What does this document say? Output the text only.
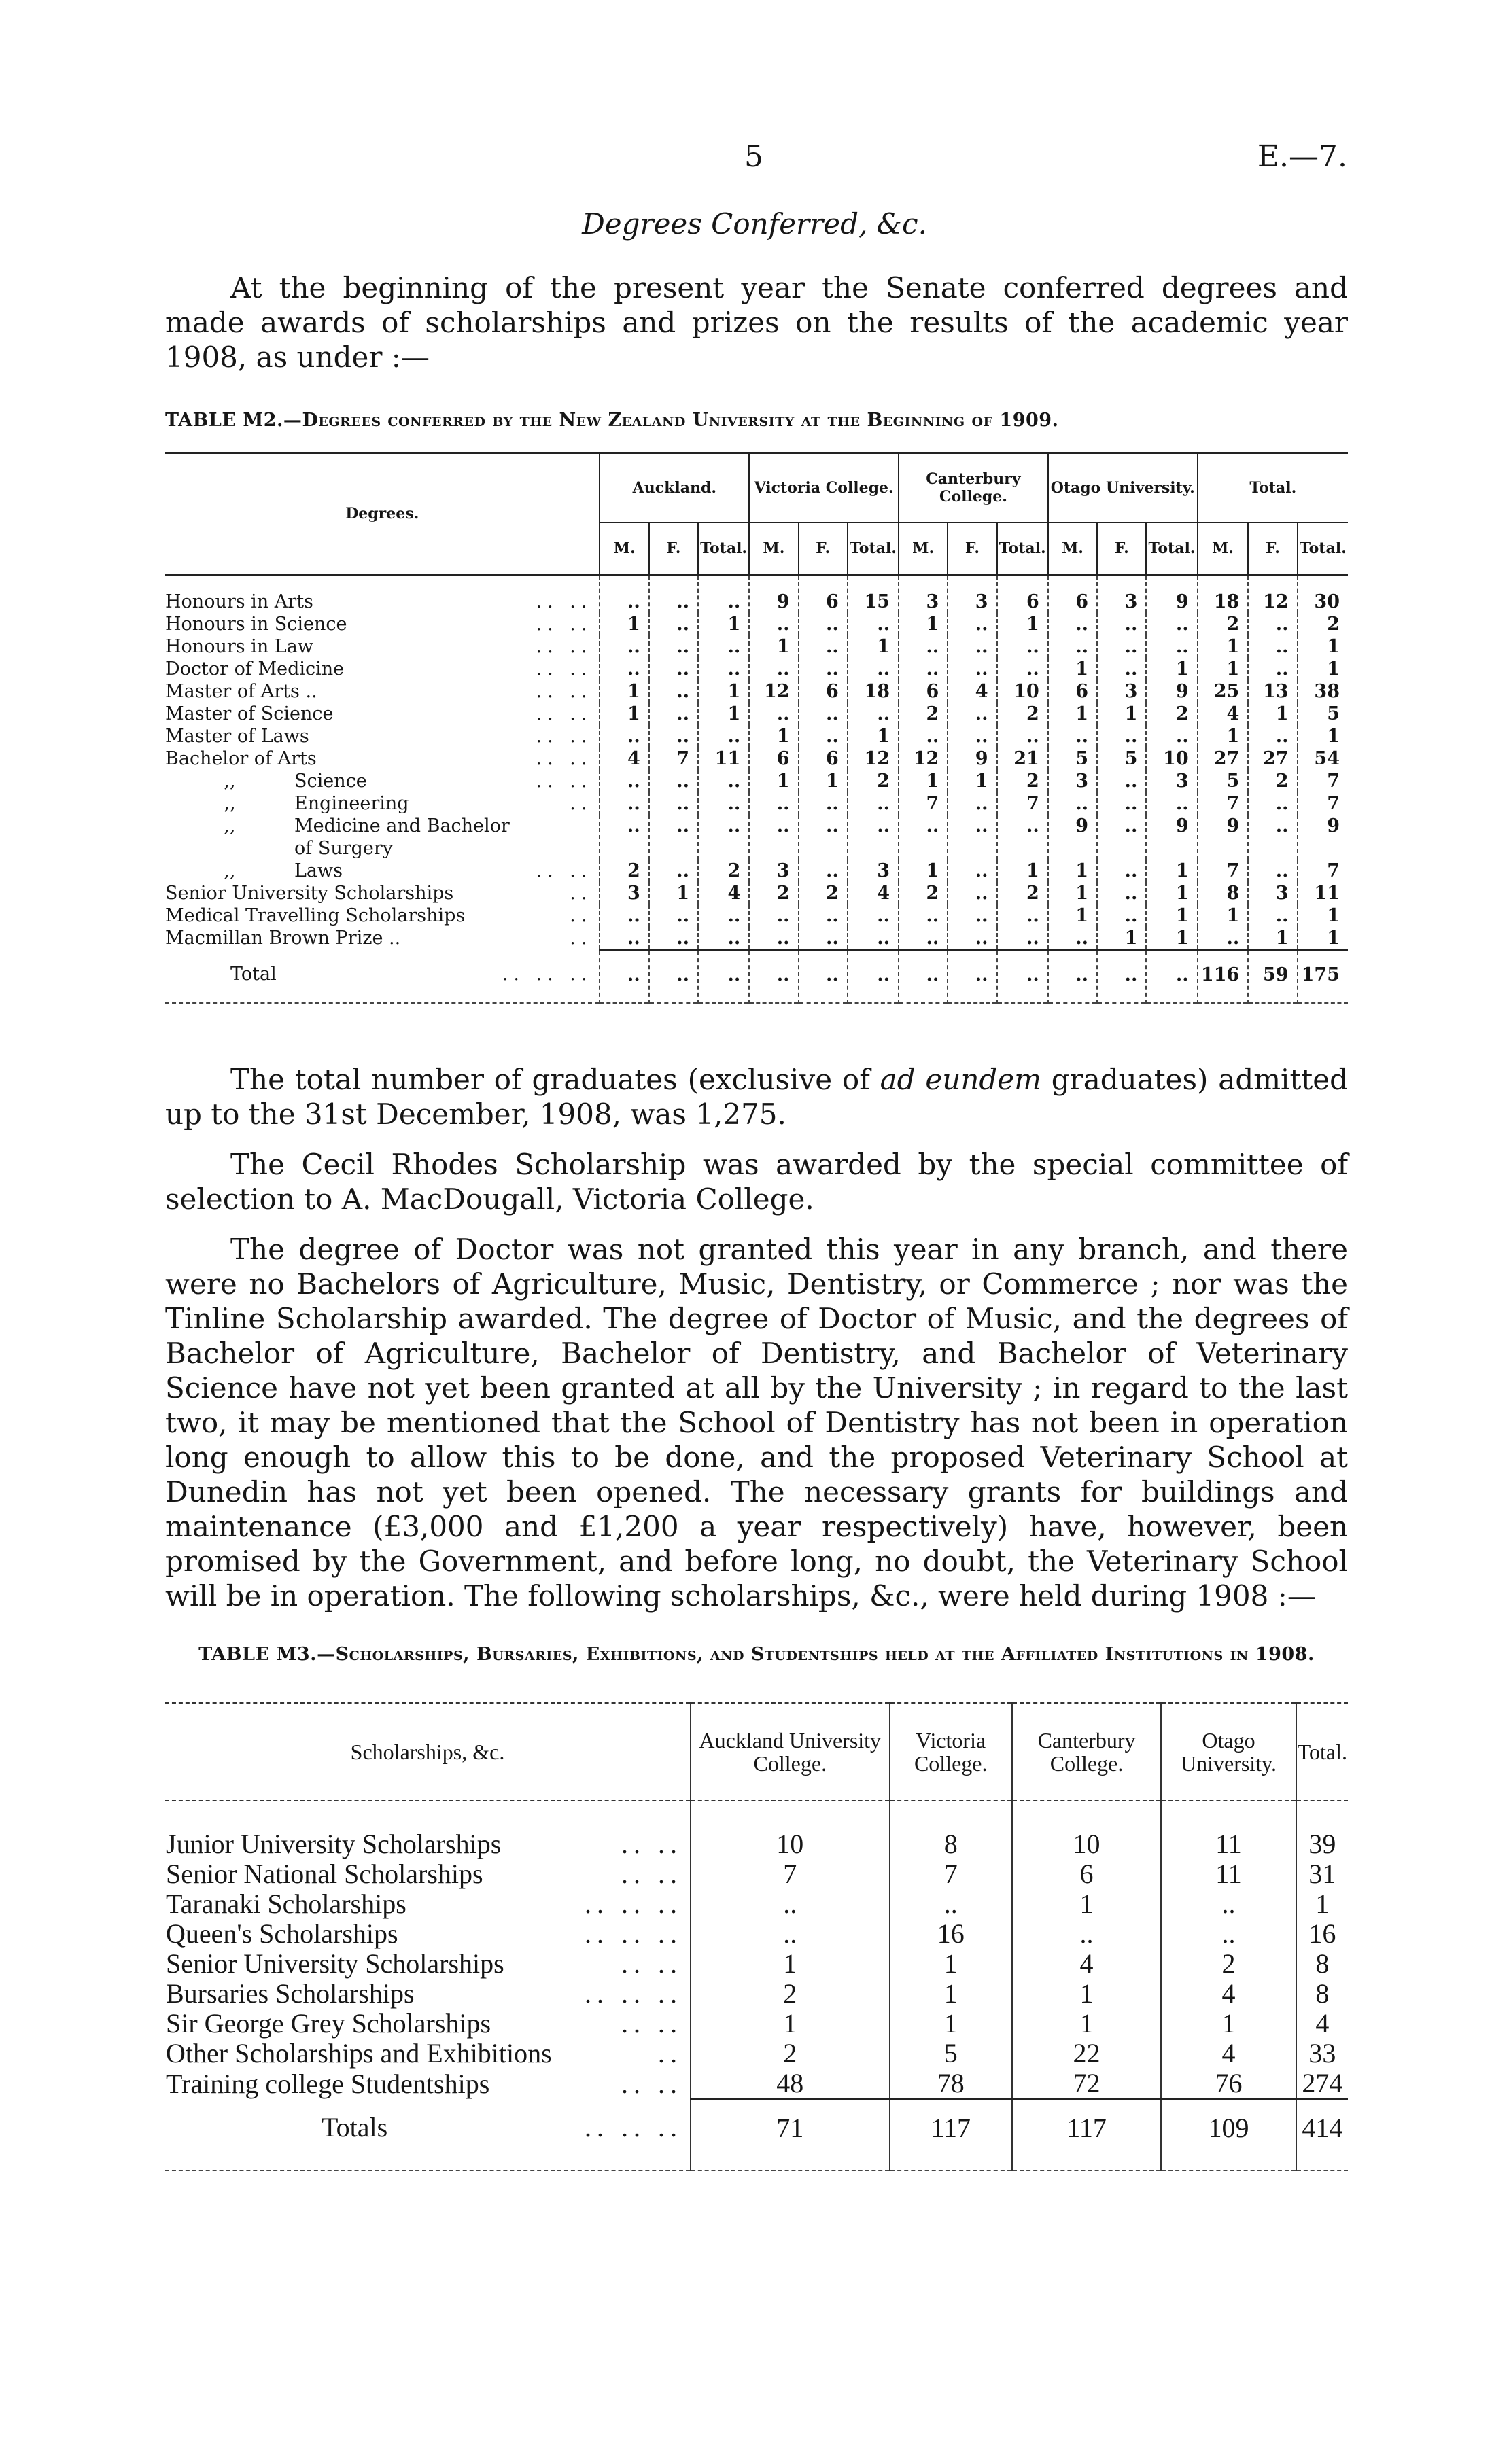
5	E.—7.
Degrees Conferred, &c.

At the beginning of the present year the Senate conferred degrees and made awards of scholarships and prizes on the results of the academic year 1908, as under :—

TABLE M2.—Degrees conferred by the New Zealand University at the Beginning of 1909.
Degrees.	Auckland.			Victoria College.			Canterbury College.			Otago University.			Total.		
	M.	F.	Total.	M.	F.	Total.	M.	F.	Total.	M.	F.	Total.	M.	F.	Total.

.. ..
Honours in Arts	..	..	..	9	6	15	3	3	6	6	3	9	18	12	30

.. ..
Honours in Science	1	..	1	..	..	..	1	..	1	..	..	..	2	..	2

.. ..
Honours in Law	..	..	..	1	..	1	..	..	..	..	..	..	1	..	1

.. ..
Doctor of Medicine	..	..	..	..	..	..	..	..	..	1	..	1	1	..	1

.. ..
Master of Arts ..	1	..	1	12	6	18	6	4	10	6	3	9	25	13	38

.. ..
Master of Science	1	..	1	..	..	..	2	..	2	1	1	2	4	1	5

.. ..
Master of Laws	..	..	..	1	..	1	..	..	..	..	..	..	1	..	1

.. ..
Bachelor of Arts	4	7	11	6	6	12	12	9	21	5	5	10	27	27	54
,, .. ..
Science	..	..	..	1	1	2	1	1	2	3	..	3	5	2	7
,, ..
Engineering	..	..	..	..	..	..	7	..	7	..	..	..	7	..	7
,, Medicine and Bachelor of Surgery	..	..	..	..	..	..	..	..	..	9	..	9	9	..	9
,, .. ..
Laws	2	..	2	3	..	3	1	..	1	1	..	1	7	..	7

..
Senior University Scholarships	3	1	4	2	2	4	2	..	2	1	..	1	8	3	11

..
Medical Travelling Scholarships	..	..	..	..	..	..	..	..	..	1	..	1	1	..	1

..
Macmillan Brown Prize ..	..	..	..	..	..	..	..	..	..	..	1	1	..	1	1

.. .. ..
Total	..	..	..	..	..	..	..	..	..	..	..	..	116	59	175

The total number of graduates (exclusive of ad eundem graduates) admitted up to the 31st December, 1908, was 1,275.

The Cecil Rhodes Scholarship was awarded by the special committee of selection to A. MacDougall, Victoria College.

The degree of Doctor was not granted this year in any branch, and there were no Bachelors of Agriculture, Music, Dentistry, or Commerce ; nor was the Tinline Scholarship awarded. The degree of Doctor of Music, and the degrees of Bachelor of Agriculture, Bachelor of Dentistry, and Bachelor of Veterinary Science have not yet been granted at all by the University ; in regard to the last two, it may be mentioned that the School of Dentistry has not been in operation long enough to allow this to be done, and the proposed Veterinary School at Dunedin has not yet been opened. The necessary grants for buildings and maintenance (£3,000 and £1,200 a year respectively) have, however, been promised by the Government, and before long, no doubt, the Veterinary School will be in operation. The following scholarships, &c., were held during 1908 :—

TABLE M3.—Scholarships, Bursaries, Exhibitions, and Studentships held at the Affiliated Institutions in 1908.
Scholarships, &c.	Auckland University College.	Victoria College.	Canterbury College.	Otago University.	Total.

.. ..
Junior University Scholarships	10	8	10	11	39

.. ..
Senior National Scholarships	7	7	6	11	31

.. .. ..
Taranaki Scholarships	..	..	1	..	1

.. .. ..
Queen's Scholarships	..	16	..	..	16

.. ..
Senior University Scholarships	1	1	4	2	8

.. .. ..
Bursaries Scholarships	2	1	1	4	8

.. ..
Sir George Grey Scholarships	1	1	1	1	4

..
Other Scholarships and Exhibitions	2	5	22	4	33

.. ..
Training college Studentships	48	78	72	76	274

.. .. ..
Totals	71	117	117	109	414
